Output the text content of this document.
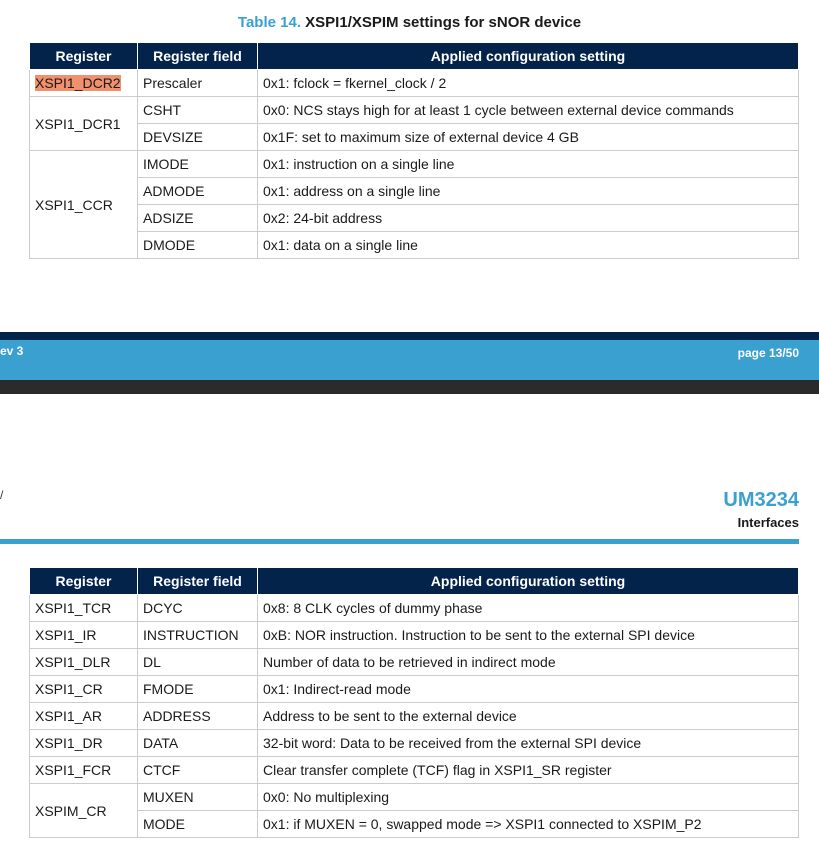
Table 14. XSPI1/XSPIM settings for sNOR device
Register	Register field	Applied configuration setting
XSPI1_DCR2	Prescaler	0x1: fclock = fkernel_clock / 2
XSPI1_DCR1	CSHT	0x0: NCS stays high for at least 1 cycle between external device commands
	DEVSIZE	0x1F: set to maximum size of external device 4 GB
XSPI1_CCR	IMODE	0x1: instruction on a single line
	ADMODE	0x1: address on a single line
	ADSIZE	0x2: 24-bit address
	DMODE	0x1: data on a single line
ev 3	page 13/50
/	UM3234
Interfaces
Register	Register field	Applied configuration setting
XSPI1_TCR	DCYC	0x8: 8 CLK cycles of dummy phase
XSPI1_IR	INSTRUCTION	0xB: NOR instruction. Instruction to be sent to the external SPI device
XSPI1_DLR	DL	Number of data to be retrieved in indirect mode
XSPI1_CR	FMODE	0x1: Indirect-read mode
XSPI1_AR	ADDRESS	Address to be sent to the external device
XSPI1_DR	DATA	32-bit word: Data to be received from the external SPI device
XSPI1_FCR	CTCF	Clear transfer complete (TCF) flag in XSPI1_SR register
XSPIM_CR	MUXEN	0x0: No multiplexing
	MODE	0x1: if MUXEN = 0, swapped mode => XSPI1 connected to XSPIM_P2
